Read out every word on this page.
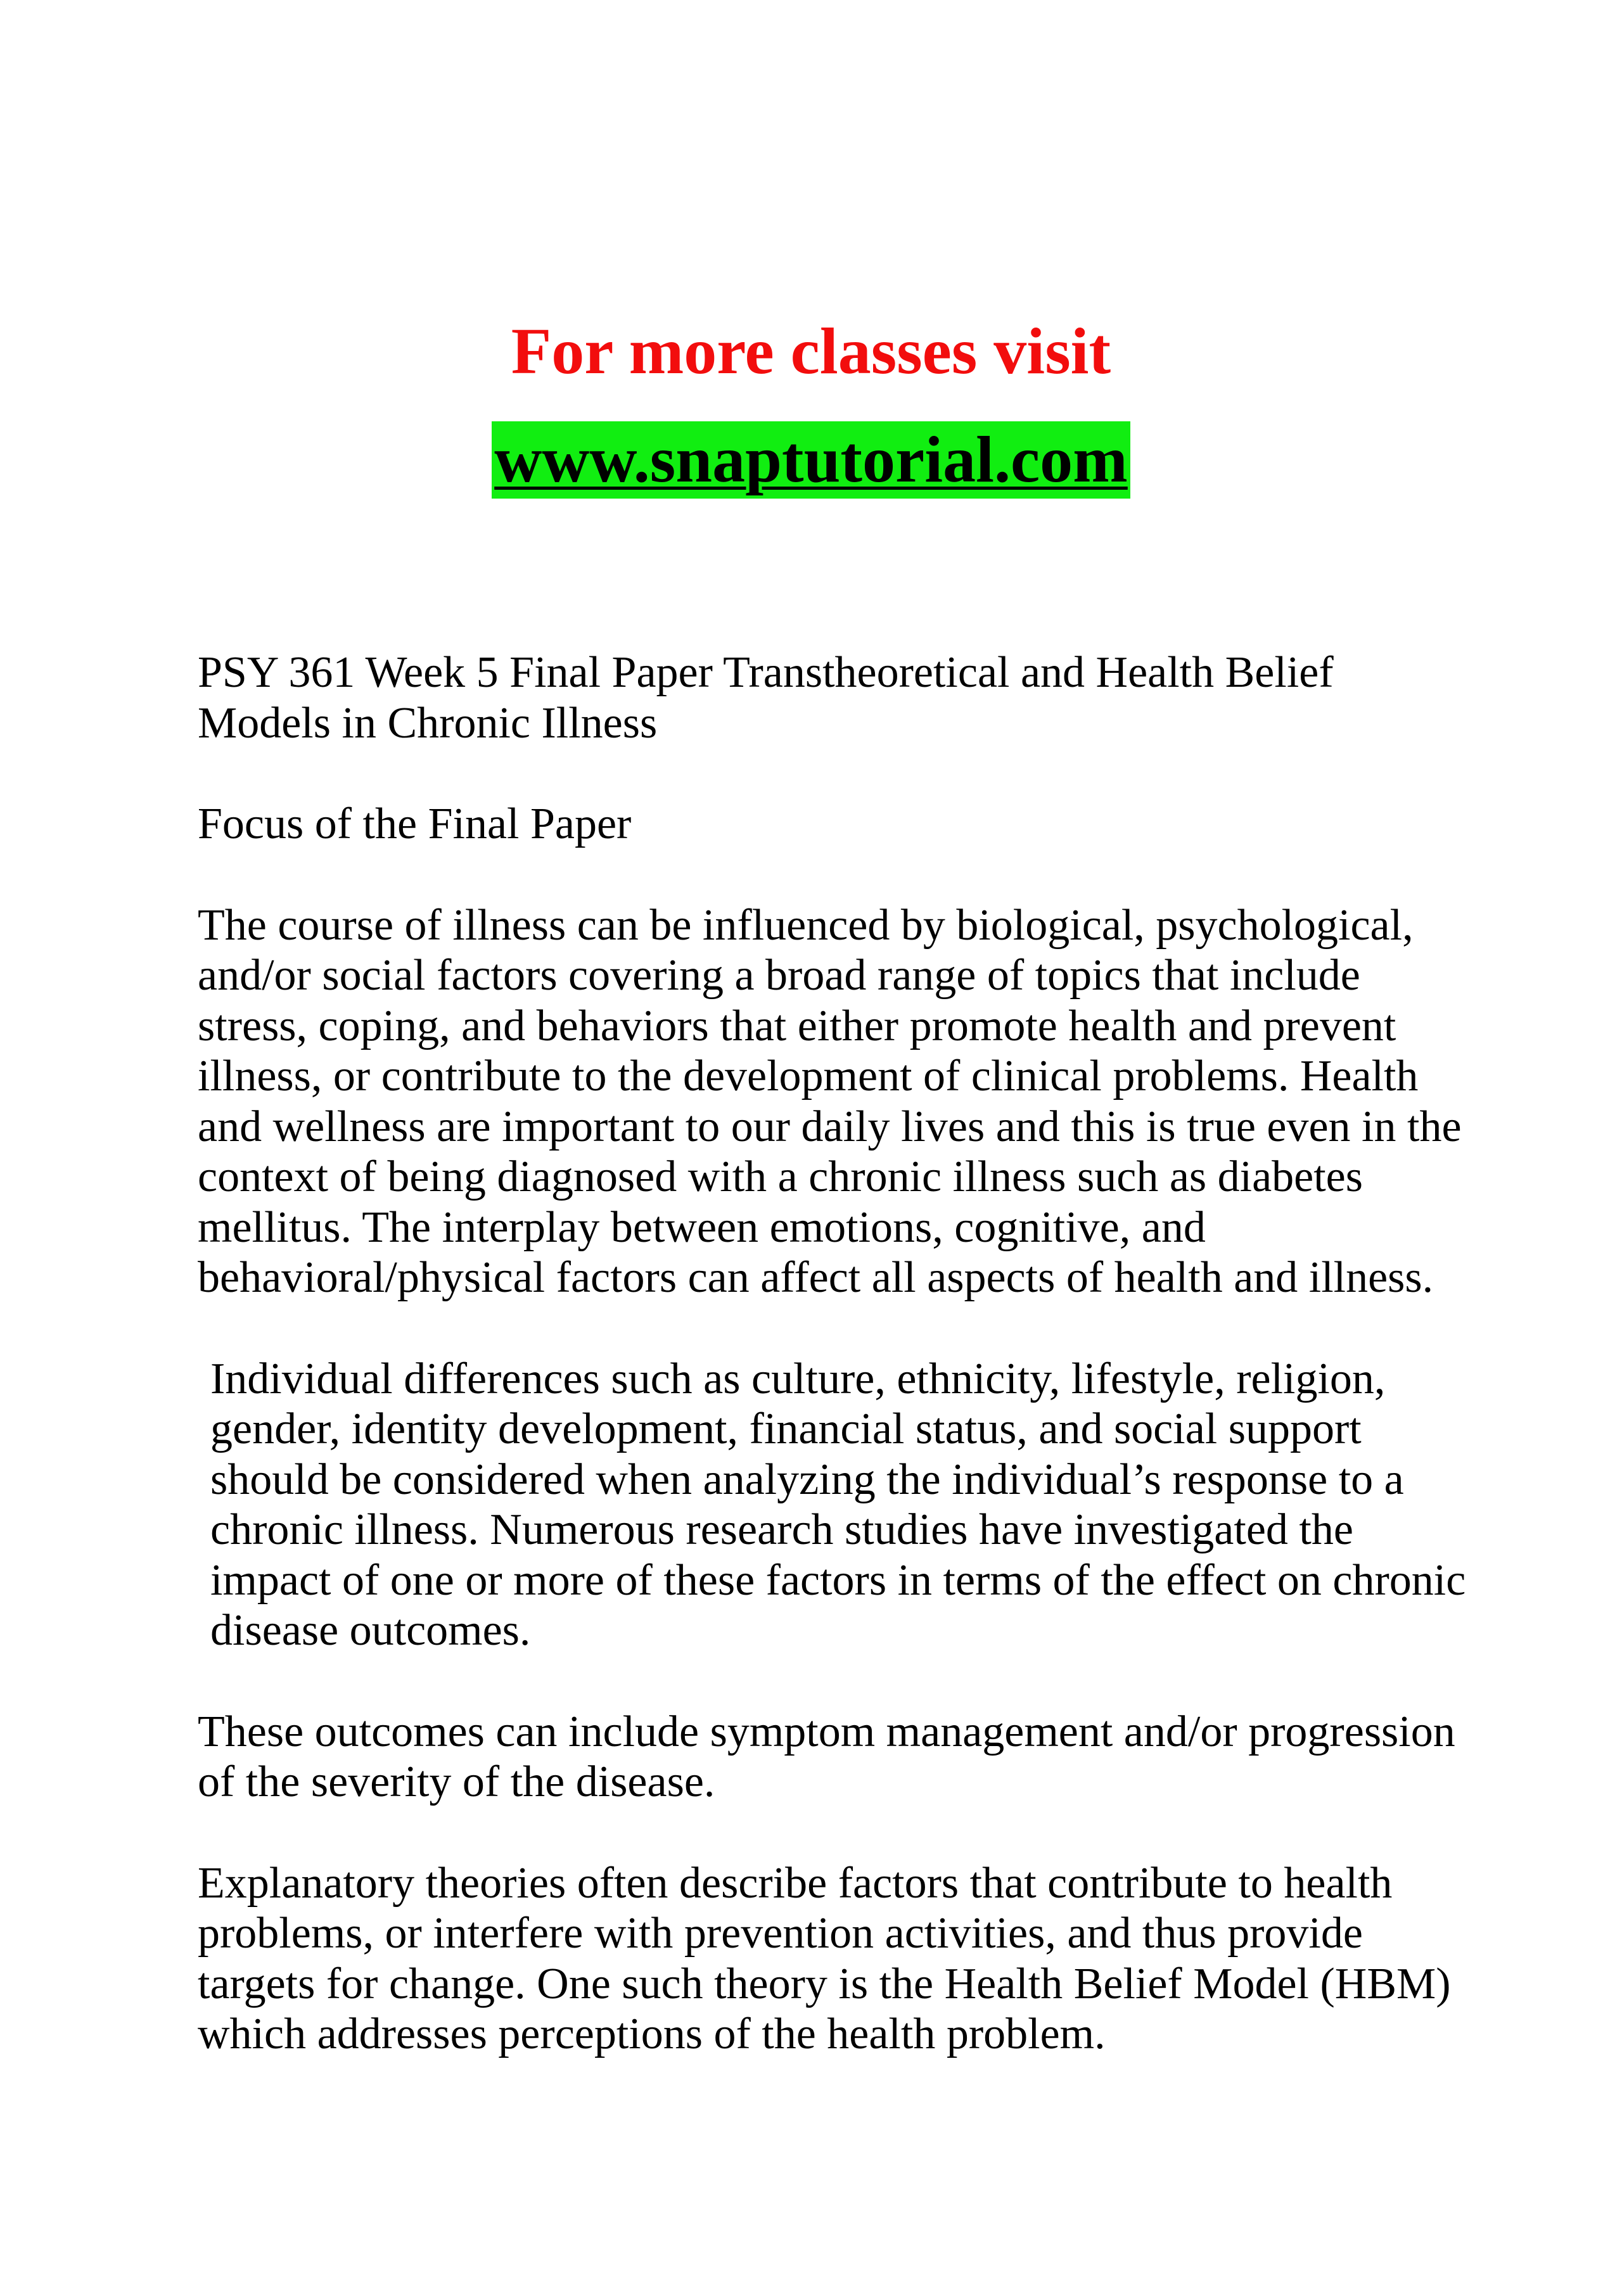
For more classes visit
www.snaptutorial.com

PSY 361 Week 5 Final Paper Transtheoretical and Health Belief Models in Chronic Illness

Focus of the Final Paper

The course of illness can be influenced by biological, psychological, and/or social factors covering a broad range of topics that include stress, coping, and behaviors that either promote health and prevent illness, or contribute to the development of clinical problems. Health and wellness are important to our daily lives and this is true even in the context of being diagnosed with a chronic illness such as diabetes mellitus. The interplay between emotions, cognitive, and behavioral/physical factors can affect all aspects of health and illness.

Individual differences such as culture, ethnicity, lifestyle, religion, gender, identity development, financial status, and social support should be considered when analyzing the individual’s response to a chronic illness. Numerous research studies have investigated the impact of one or more of these factors in terms of the effect on chronic disease outcomes.

These outcomes can include symptom management and/or progression of the severity of the disease.

Explanatory theories often describe factors that contribute to health problems, or interfere with prevention activities, and thus provide targets for change. One such theory is the Health Belief Model (HBM) which addresses perceptions of the health problem.
